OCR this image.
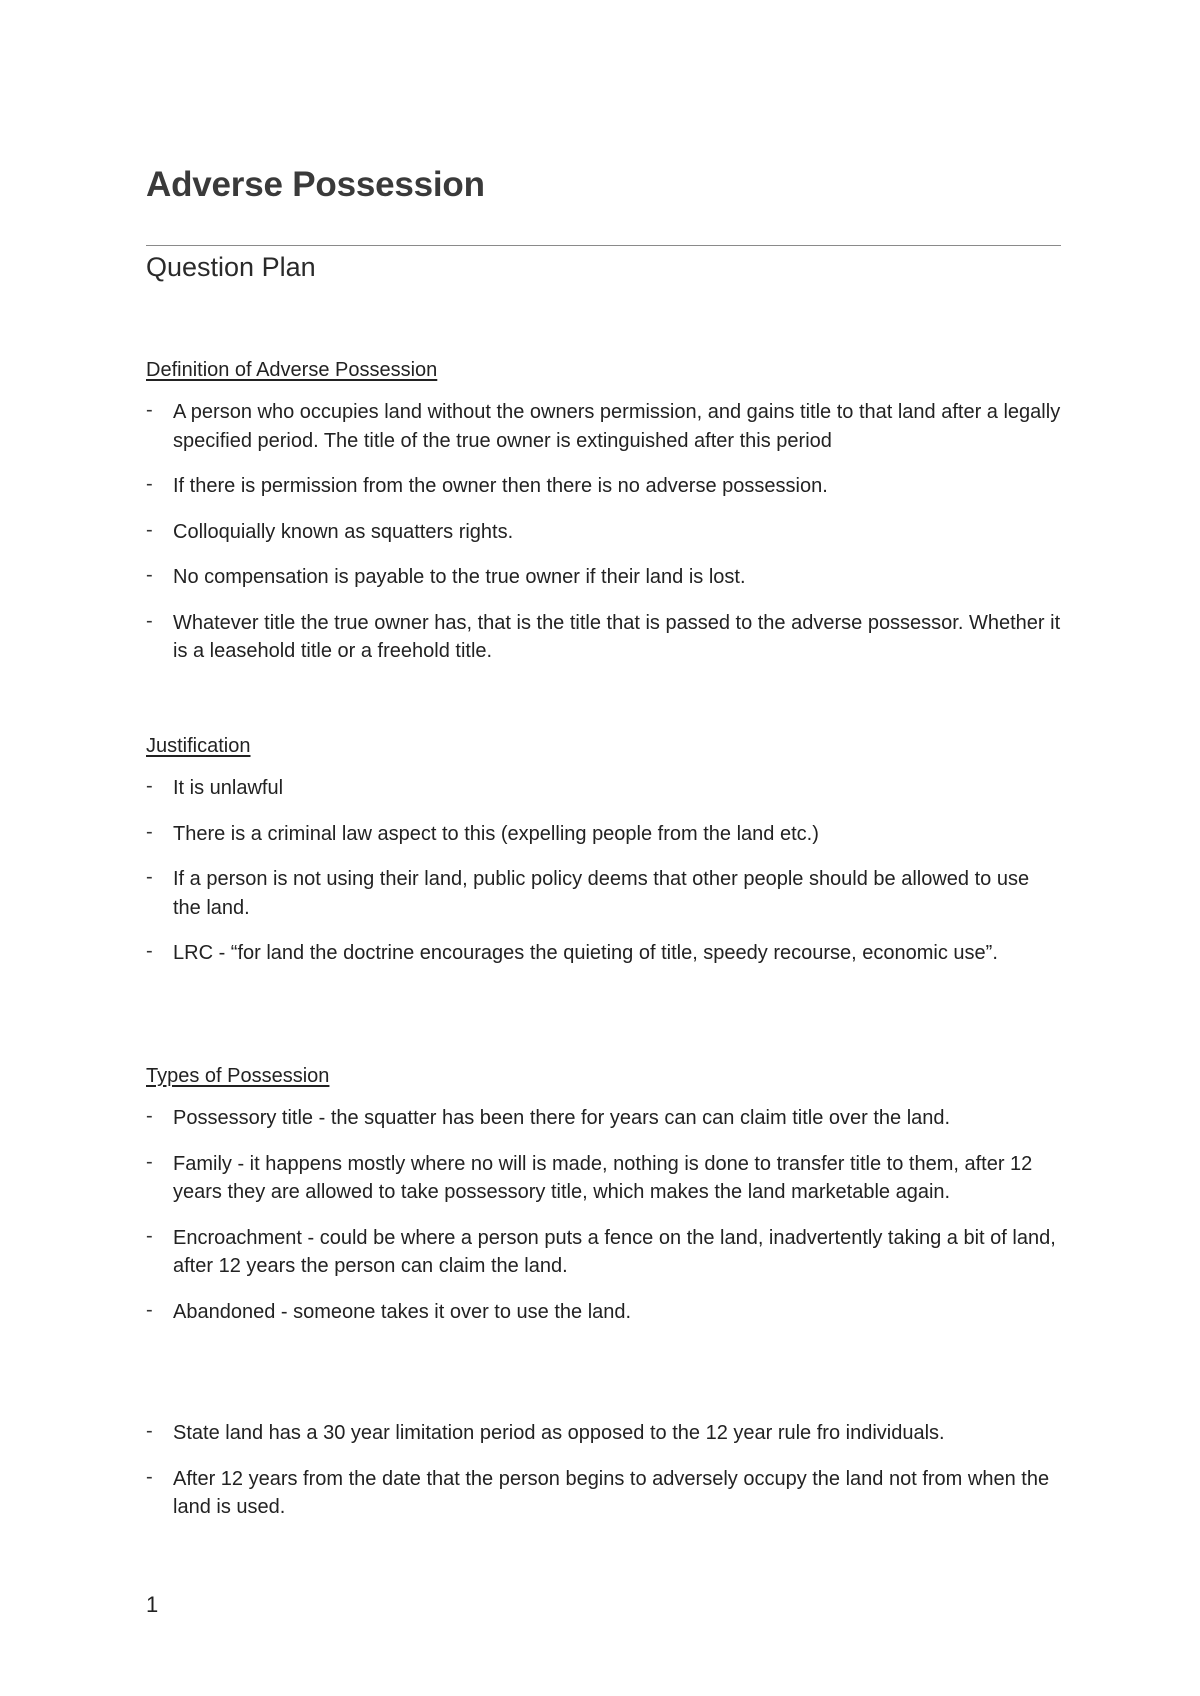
Adverse Possession
Question Plan
Definition of Adverse Possession
- A person who occupies land without the owners permission, and gains title to that land after a legally specified period. The title of the true owner is extinguished after this period
- If there is permission from the owner then there is no adverse possession.
- Colloquially known as squatters rights.
- No compensation is payable to the true owner if their land is lost.
- Whatever title the true owner has, that is the title that is passed to the adverse possessor. Whether it is a leasehold title or a freehold title.
Justification
- It is unlawful
- There is a criminal law aspect to this (expelling people from the land etc.)
- If a person is not using their land, public policy deems that other people should be allowed to use the land.
- LRC - “for land the doctrine encourages the quieting of title, speedy recourse, economic use”.
Types of Possession
- Possessory title - the squatter has been there for years can can claim title over the land.
- Family - it happens mostly where no will is made, nothing is done to transfer title to them, after 12 years they are allowed to take possessory title, which makes the land marketable again.
- Encroachment - could be where a person puts a fence on the land, inadvertently taking a bit of land, after 12 years the person can claim the land.
- Abandoned - someone takes it over to use the land.
- State land has a 30 year limitation period as opposed to the 12 year rule fro individuals.
- After 12 years from the date that the person begins to adversely occupy the land not from when the land is used.
1
